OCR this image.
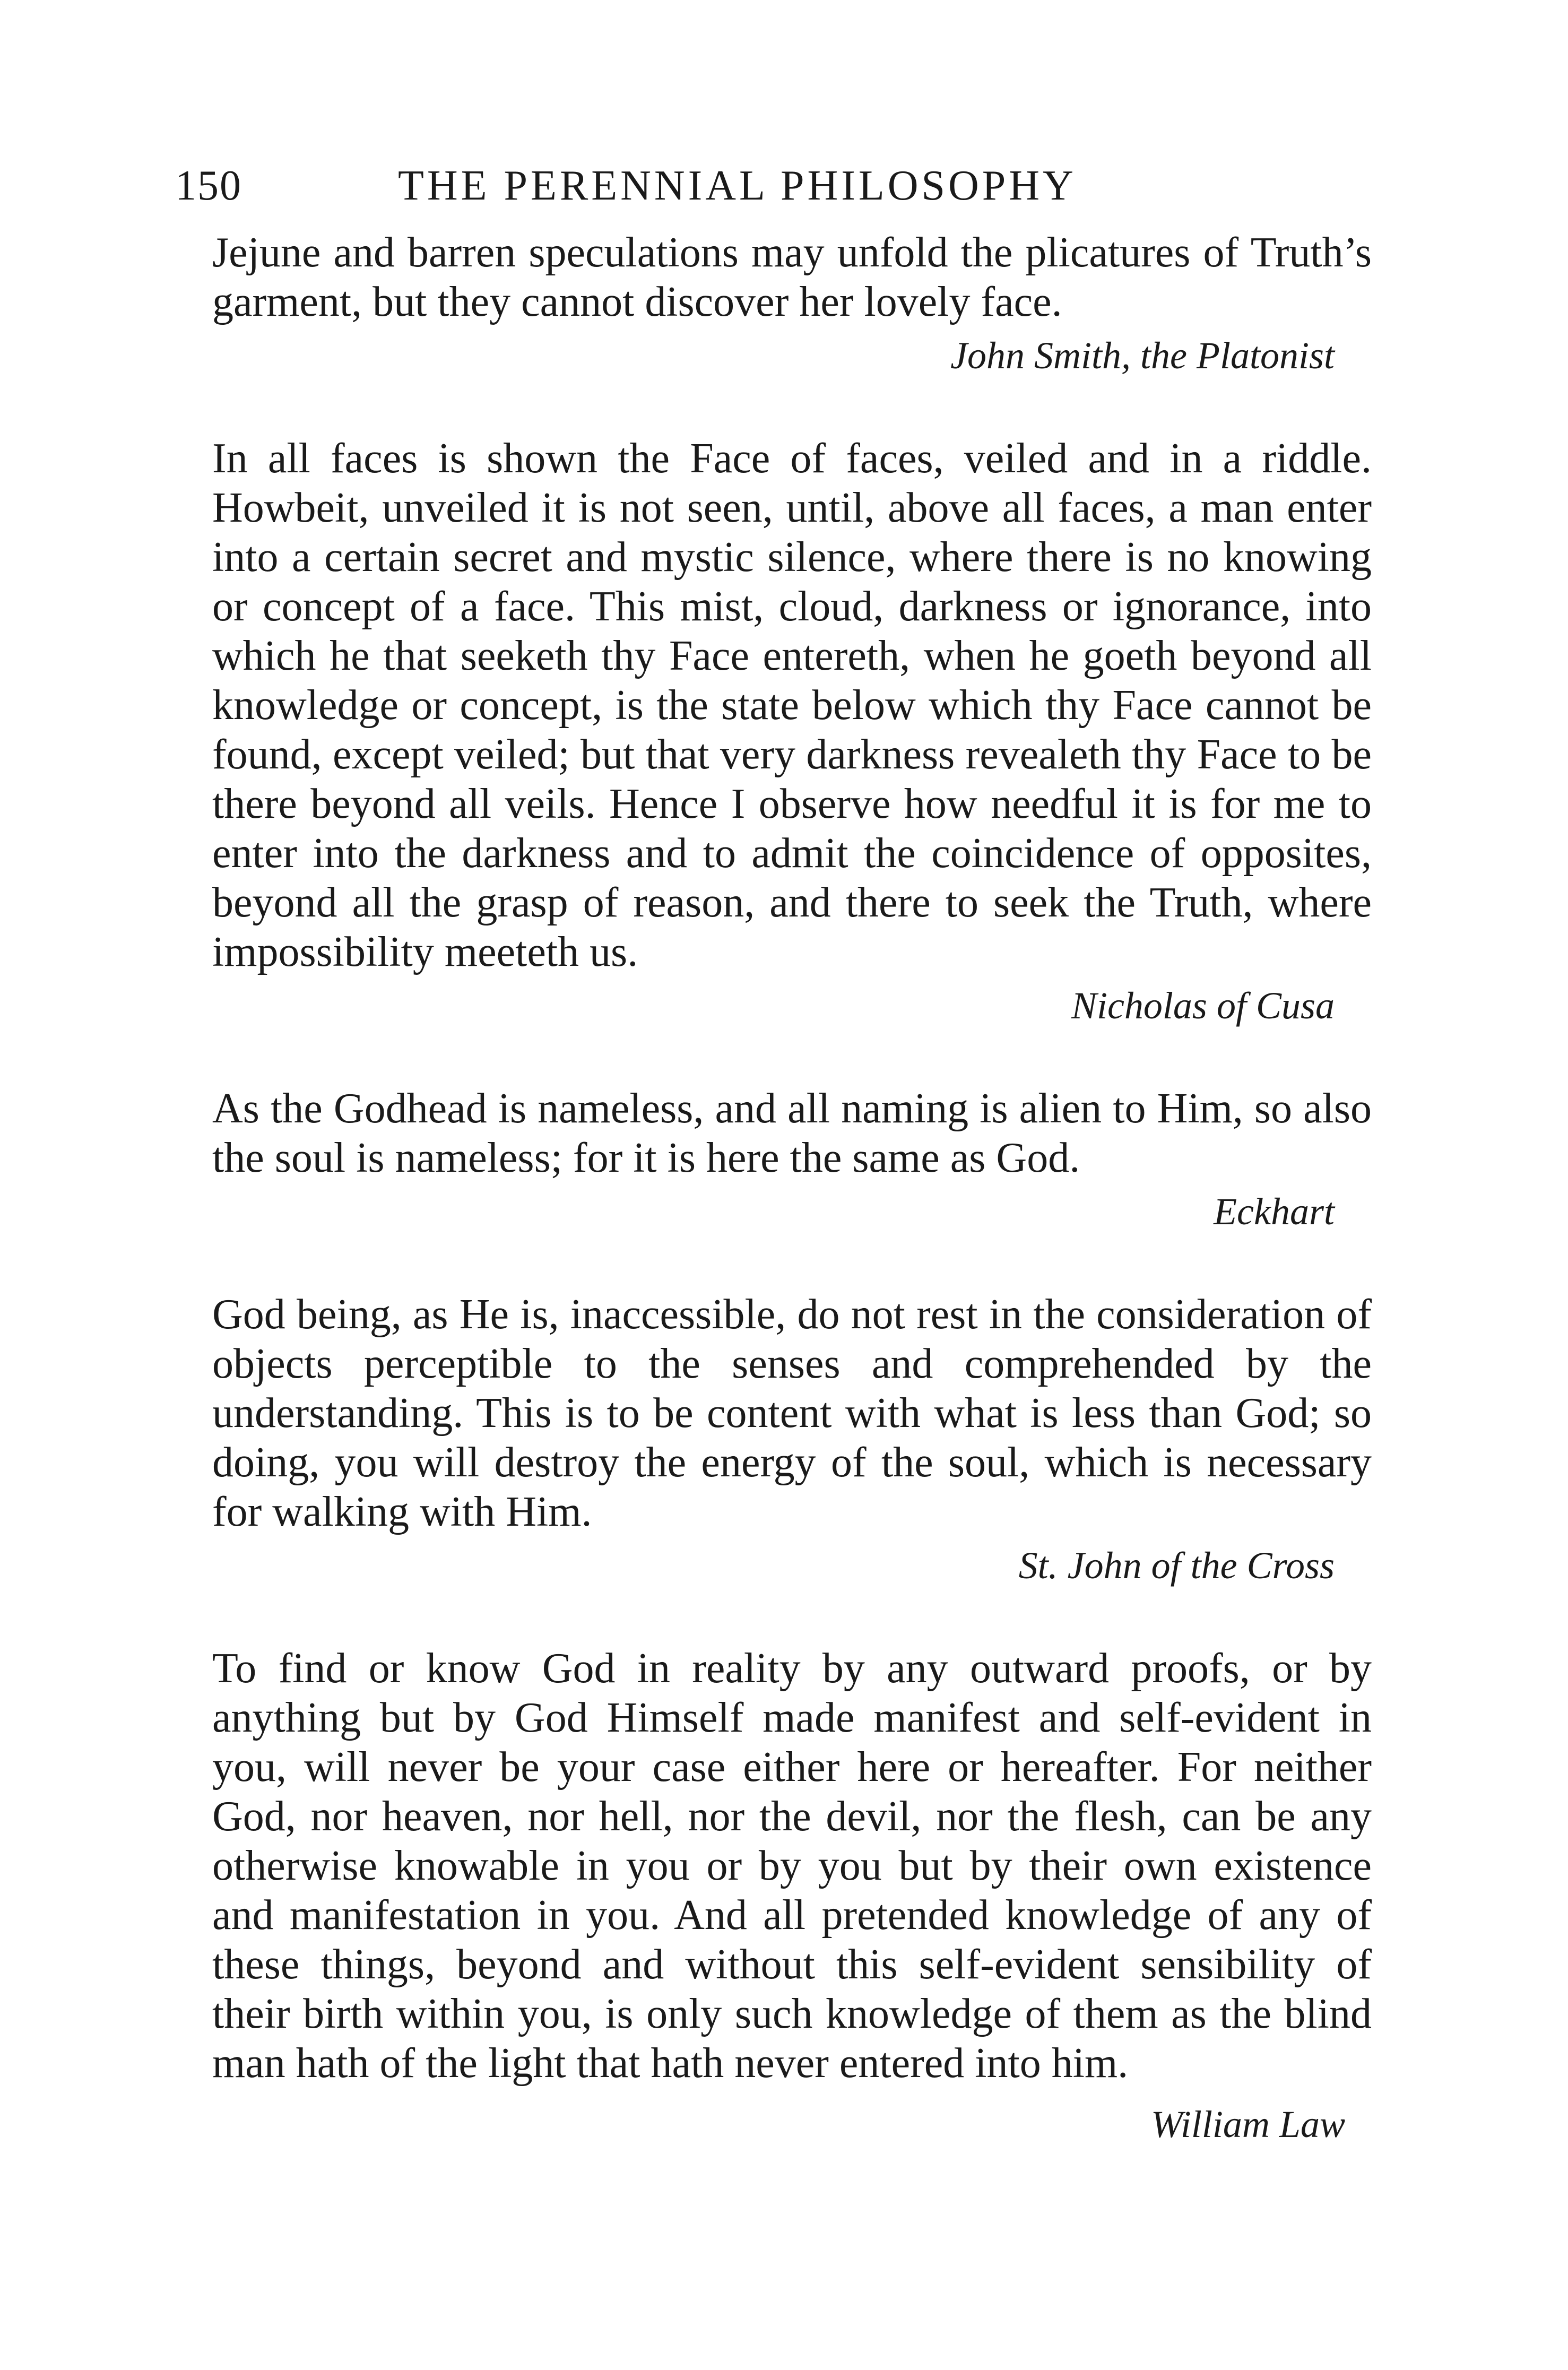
150	THE PERENNIAL PHILOSOPHY

Jejune and barren speculations may unfold the plicatures of Truth’s garment, but they cannot discover her lovely face.

John Smith, the Platonist

In all faces is shown the Face of faces, veiled and in a riddle. Howbeit, unveiled it is not seen, until, above all faces, a man enter into a certain secret and mystic silence, where there is no knowing or concept of a face. This mist, cloud, darkness or ignorance, into which he that seeketh thy Face entereth, when he goeth beyond all knowledge or concept, is the state below which thy Face cannot be found, except veiled; but that very darkness revealeth thy Face to be there beyond all veils. Hence I observe how needful it is for me to enter into the darkness and to admit the coincidence of opposites, beyond all the grasp of reason, and there to seek the Truth, where impossibility meeteth us.

Nicholas of Cusa

As the Godhead is nameless, and all naming is alien to Him, so also the soul is nameless; for it is here the same as God.

Eckhart

God being, as He is, inaccessible, do not rest in the consideration of objects perceptible to the senses and comprehended by the understanding. This is to be content with what is less than God; so doing, you will destroy the energy of the soul, which is necessary for walking with Him.

St. John of the Cross

To find or know God in reality by any outward proofs, or by anything but by God Himself made manifest and self-evident in you, will never be your case either here or hereafter. For neither God, nor heaven, nor hell, nor the devil, nor the flesh, can be any otherwise knowable in you or by you but by their own existence and manifestation in you. And all pretended knowledge of any of these things, beyond and without this self-evident sensibility of their birth within you, is only such knowledge of them as the blind man hath of the light that hath never entered into him.

William Law
